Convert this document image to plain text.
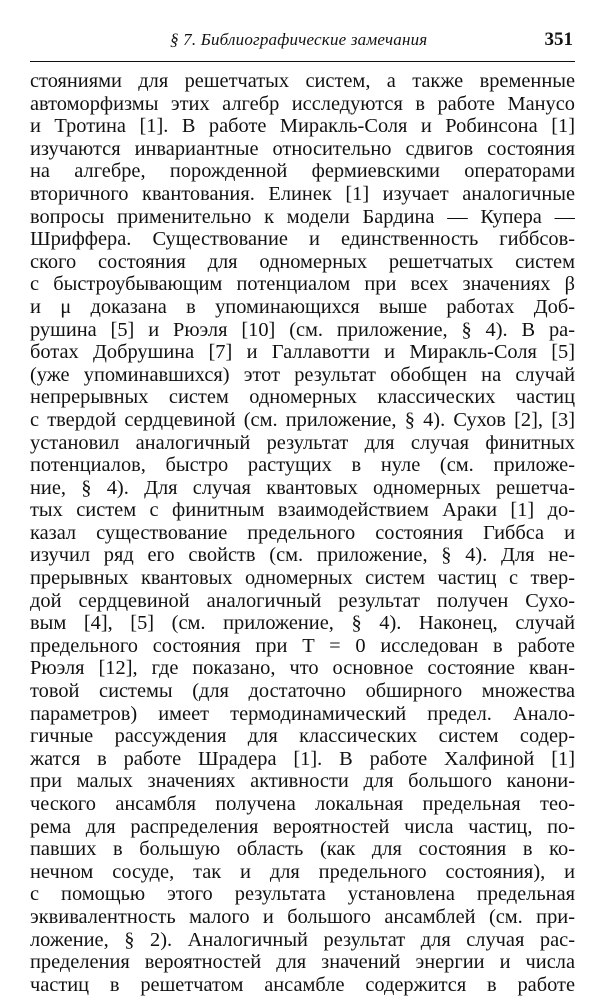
§ 7. Библиографические замечания	351
стояниями для решетчатых систем, а также временные
автоморфизмы этих алгебр исследуются в работе Манусо
и Тротина [1]. В работе Миракль-Соля и Робинсона [1]
изучаются инвариантные относительно сдвигов состояния
на алгебре, порожденной фермиевскими операторами
вторичного квантования. Елинек [1] изучает аналогичные
вопросы применительно к модели Бардина — Купера —
Шриффера. Существование и единственность гиббсов-
ского состояния для одномерных решетчатых систем
с быстроубывающим потенциалом при всех значениях β
и μ доказана в упоминающихся выше работах Доб-
рушина [5] и Рюэля [10] (см. приложение, § 4). В ра-
ботах Добрушина [7] и Галлавотти и Миракль-Соля [5]
(уже упоминавшихся) этот результат обобщен на случай
непрерывных систем одномерных классических частиц
с твердой сердцевиной (см. приложение, § 4). Сухов [2], [3]
установил аналогичный результат для случая финитных
потенциалов, быстро растущих в нуле (см. приложе-
ние, § 4). Для случая квантовых одномерных решетча-
тых систем с финитным взаимодействием Араки [1] до-
казал существование предельного состояния Гиббса и
изучил ряд его свойств (см. приложение, § 4). Для не-
прерывных квантовых одномерных систем частиц с твер-
дой сердцевиной аналогичный результат получен Сухо-
вым [4], [5] (см. приложение, § 4). Наконец, случай
предельного состояния при T = 0 исследован в работе
Рюэля [12], где показано, что основное состояние кван-
товой системы (для достаточно обширного множества
параметров) имеет термодинамический предел. Анало-
гичные рассуждения для классических систем содер-
жатся в работе Шрадера [1]. В работе Халфиной [1]
при малых значениях активности для большого канони-
ческого ансамбля получена локальная предельная тео-
рема для распределения вероятностей числа частиц, по-
павших в большую область (как для состояния в ко-
нечном сосуде, так и для предельного состояния), и
с помощью этого результата установлена предельная
эквивалентность малого и большого ансамблей (см. при-
ложение, § 2). Аналогичный результат для случая рас-
пределения вероятностей для значений энергии и числа
частиц в решетчатом ансамбле содержится в работе
